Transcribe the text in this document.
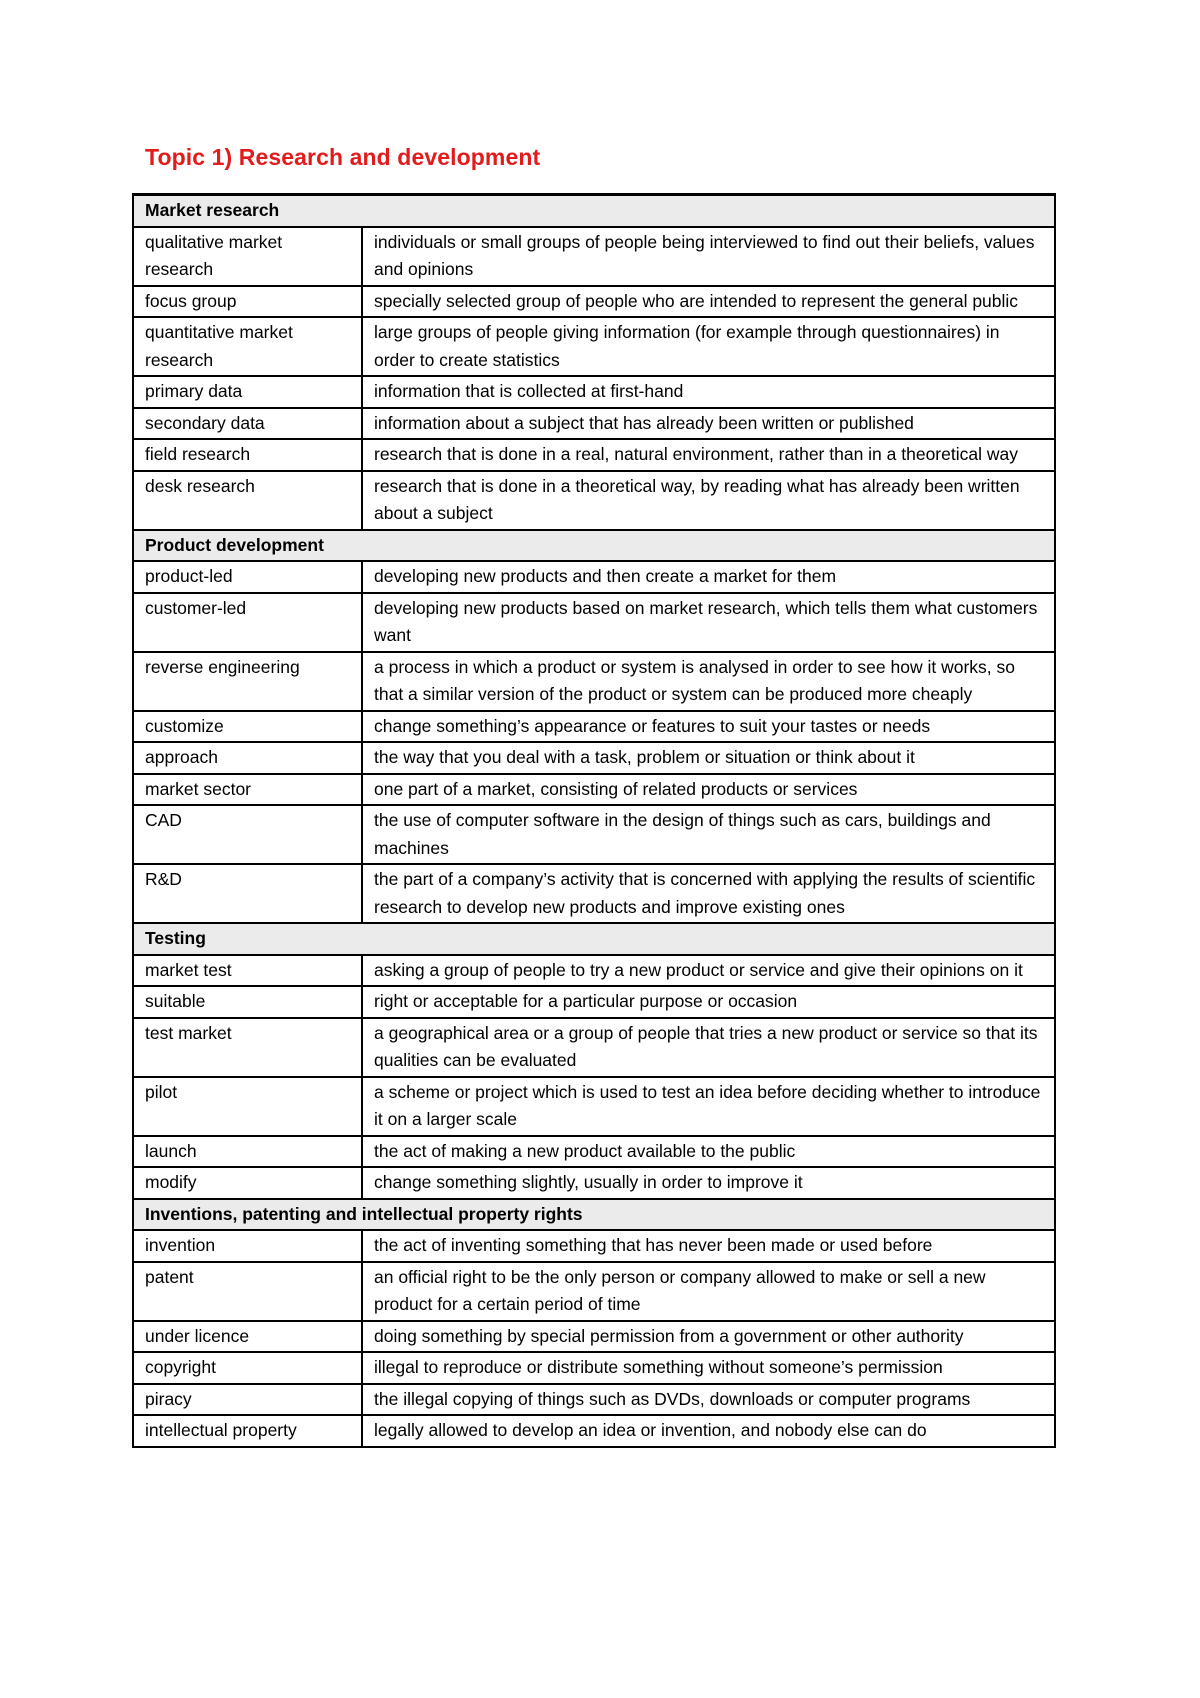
Topic 1) Research and development
Market research	
qualitative market research	individuals or small groups of people being interviewed to find out their beliefs, values and opinions
focus group	specially selected group of people who are intended to represent the general public
quantitative market research	large groups of people giving information (for example through questionnaires) in order to create statistics
primary data	information that is collected at first-hand
secondary data	information about a subject that has already been written or published
field research	research that is done in a real, natural environment, rather than in a theoretical way
desk research	research that is done in a theoretical way, by reading what has already been written about a subject
Product development	
product-led	developing new products and then create a market for them
customer-led	developing new products based on market research, which tells them what customers want
reverse engineering	a process in which a product or system is analysed in order to see how it works, so that a similar version of the product or system can be produced more cheaply
customize	change something’s appearance or features to suit your tastes or needs
approach	the way that you deal with a task, problem or situation or think about it
market sector	one part of a market, consisting of related products or services
CAD	the use of computer software in the design of things such as cars, buildings and machines
R&D	the part of a company’s activity that is concerned with applying the results of scientific research to develop new products and improve existing ones
Testing	
market test	asking a group of people to try a new product or service and give their opinions on it
suitable	right or acceptable for a particular purpose or occasion
test market	a geographical area or a group of people that tries a new product or service so that its qualities can be evaluated
pilot	a scheme or project which is used to test an idea before deciding whether to introduce it on a larger scale
launch	the act of making a new product available to the public
modify	change something slightly, usually in order to improve it
Inventions, patenting and intellectual property rights	
invention	the act of inventing something that has never been made or used before
patent	an official right to be the only person or company allowed to make or sell a new product for a certain period of time
under licence	doing something by special permission from a government or other authority
copyright	illegal to reproduce or distribute something without someone’s permission
piracy	the illegal copying of things such as DVDs, downloads or computer programs
intellectual property	legally allowed to develop an idea or invention, and nobody else can do
